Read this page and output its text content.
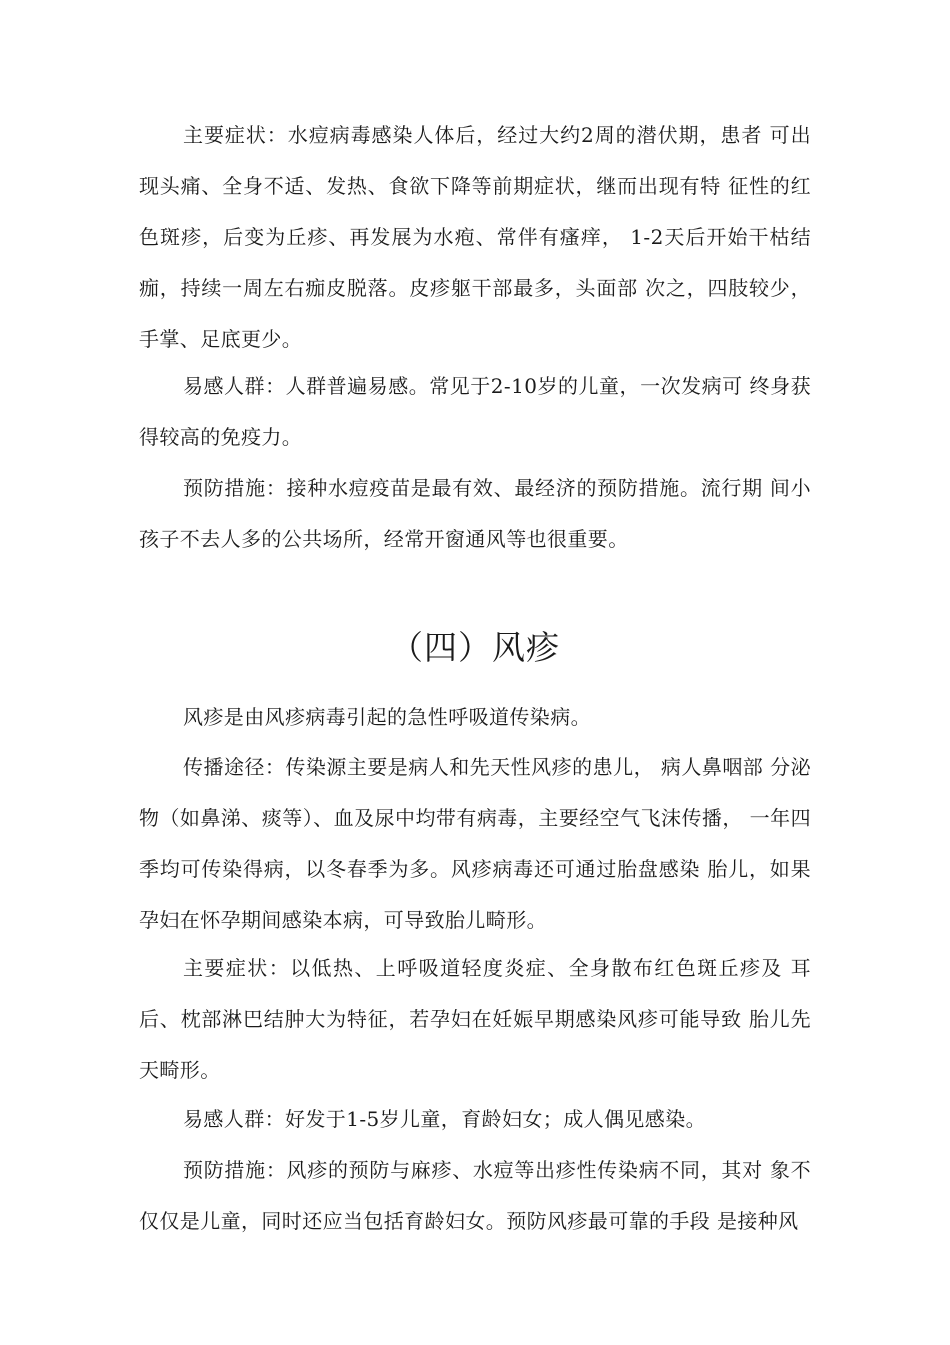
主要症状：水痘病毒感染人体后，经过大约2周的潜伏期，患者 可出现头痛、全身不适、发热、食欲下降等前期症状，继而出现有特 征性的红色斑疹，后变为丘疹、再发展为水疱、常伴有瘙痒， 1-2天后开始干枯结痂，持续一周左右痂皮脱落。皮疹躯干部最多，头面部 次之，四肢较少，手掌、足底更少。

易感人群：人群普遍易感。常见于2-10岁的儿童，一次发病可 终身获得较高的免疫力。

预防措施：接种水痘疫苗是最有效、最经济的预防措施。流行期 间小孩子不去人多的公共场所，经常开窗通风等也很重要。

（四）风疹

风疹是由风疹病毒引起的急性呼吸道传染病。

传播途径：传染源主要是病人和先天性风疹的患儿， 病人鼻咽部 分泌物（如鼻涕、痰等）、血及尿中均带有病毒，主要经空气飞沫传播， 一年四季均可传染得病，以冬春季为多。风疹病毒还可通过胎盘感染 胎儿，如果孕妇在怀孕期间感染本病，可导致胎儿畸形。

主要症状：以低热、上呼吸道轻度炎症、全身散布红色斑丘疹及 耳后、枕部淋巴结肿大为特征，若孕妇在妊娠早期感染风疹可能导致 胎儿先天畸形。

易感人群：好发于1-5岁儿童，育龄妇女；成人偶见感染。

预防措施：风疹的预防与麻疹、水痘等出疹性传染病不同，其对 象不仅仅是儿童，同时还应当包括育龄妇女。预防风疹最可靠的手段 是接种风
